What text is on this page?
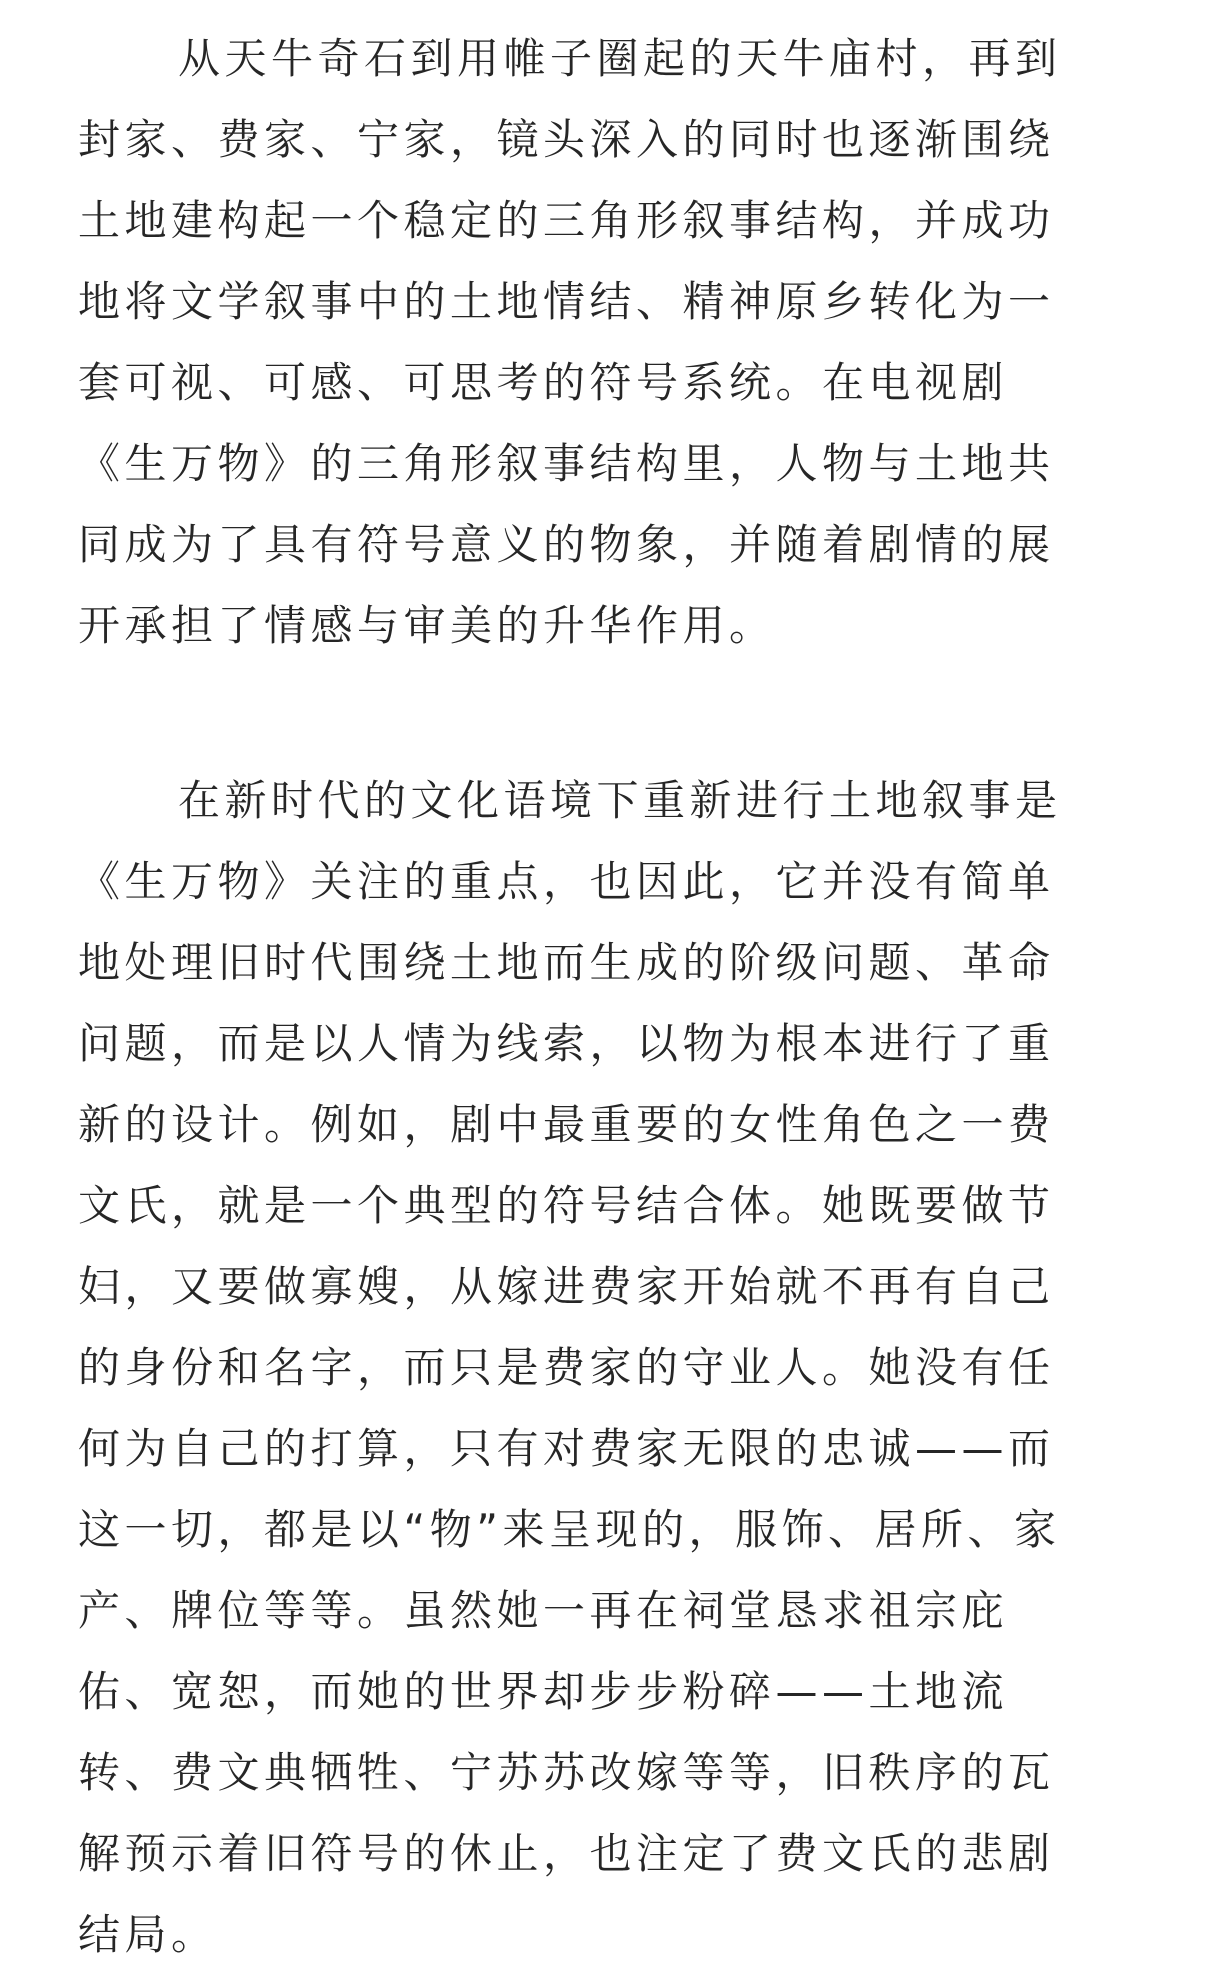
从天牛奇石到用帷子圈起的天牛庙村，再到
封家、费家、宁家，镜头深入的同时也逐渐围绕
土地建构起一个稳定的三角形叙事结构，并成功
地将文学叙事中的土地情结、精神原乡转化为一
套可视、可感、可思考的符号系统。在电视剧
《生万物》的三角形叙事结构里，人物与土地共
同成为了具有符号意义的物象，并随着剧情的展
开承担了情感与审美的升华作用。
在新时代的文化语境下重新进行土地叙事是
《生万物》关注的重点，也因此，它并没有简单
地处理旧时代围绕土地而生成的阶级问题、革命
问题，而是以人情为线索，以物为根本进行了重
新的设计。例如，剧中最重要的女性角色之一费
文氏，就是一个典型的符号结合体。她既要做节
妇，又要做寡嫂，从嫁进费家开始就不再有自己
的身份和名字，而只是费家的守业人。她没有任
何为自己的打算，只有对费家无限的忠诚——而
这一切，都是以“物”来呈现的，服饰、居所、家
产、牌位等等。虽然她一再在祠堂恳求祖宗庇
佑、宽恕，而她的世界却步步粉碎——土地流
转、费文典牺牲、宁苏苏改嫁等等，旧秩序的瓦
解预示着旧符号的休止，也注定了费文氏的悲剧
结局。
